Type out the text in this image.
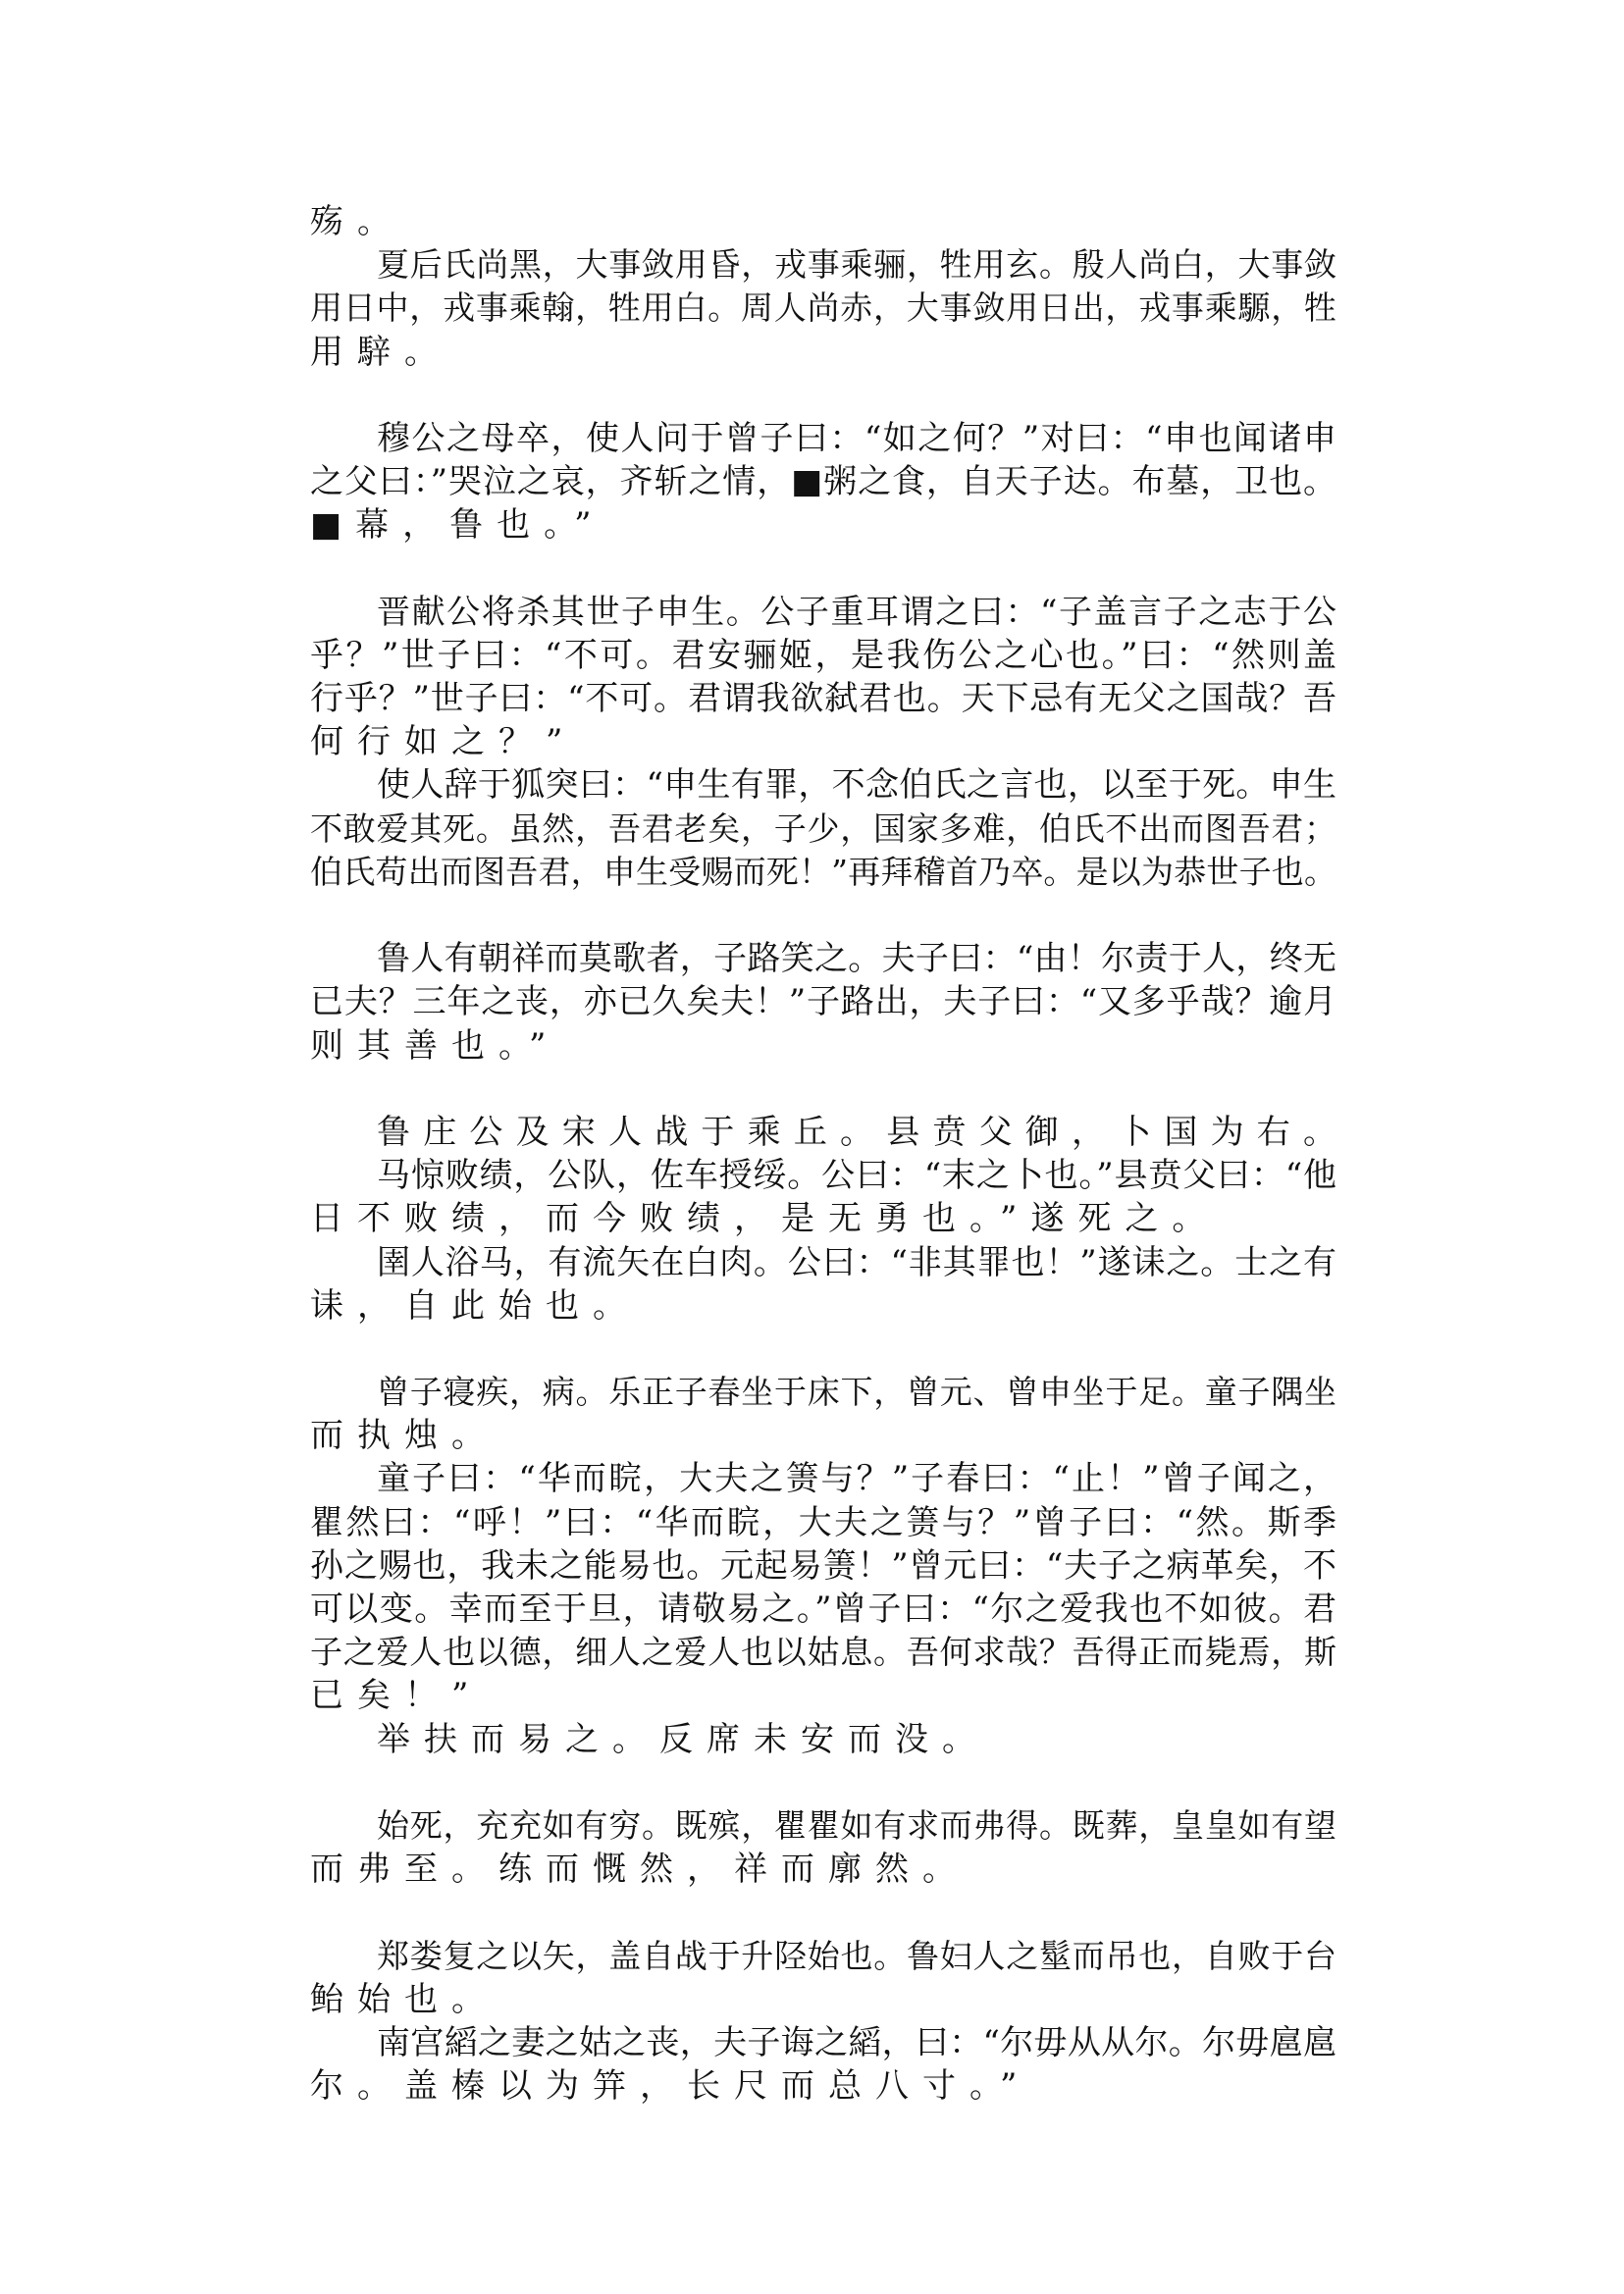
殇。
夏后氏尚黑，大事敛用昏，戎事乘骊，牲用玄。殷人尚白，大事敛
用日中，戎事乘翰，牲用白。周人尚赤，大事敛用日出，戎事乘騵，牲
用騂。
穆公之母卒，使人问于曾子曰：“如之何？”对曰：“申也闻诸申
之父曰：”哭泣之哀，齐斩之情，■粥之食，自天子达。布墓，卫也。
■幕，鲁也。”
晋献公将杀其世子申生。公子重耳谓之曰：“子盖言子之志于公
乎？”世子曰：“不可。君安骊姬，是我伤公之心也。”曰：“然则盖
行乎？”世子曰：“不可。君谓我欲弑君也。天下忌有无父之国哉？吾
何行如之？”
使人辞于狐突曰：“申生有罪，不念伯氏之言也，以至于死。申生
不敢爱其死。虽然，吾君老矣，子少，国家多难，伯氏不出而图吾君；
伯氏苟出而图吾君，申生受赐而死！”再拜稽首乃卒。是以为恭世子也。
鲁人有朝祥而莫歌者，子路笑之。夫子曰：“由！尔责于人，终无
已夫？三年之丧，亦已久矣夫！”子路出，夫子曰：“又多乎哉？逾月
则其善也。”
鲁庄公及宋人战于乘丘。县贲父御，卜国为右。
马惊败绩，公队，佐车授绥。公曰：“末之卜也。”县贲父曰：“他
日不败绩，而今败绩，是无勇也。”遂死之。
圉人浴马，有流矢在白肉。公曰：“非其罪也！”遂诔之。士之有
诔，自此始也。
曾子寝疾，病。乐正子春坐于床下，曾元、曾申坐于足。童子隅坐
而执烛。
童子曰：“华而睆，大夫之箦与？”子春曰：“止！”曾子闻之，
瞿然曰：“呼！”曰：“华而睆，大夫之箦与？”曾子曰：“然。斯季
孙之赐也，我未之能易也。元起易箦！”曾元曰：“夫子之病革矣，不
可以变。幸而至于旦，请敬易之。”曾子曰：“尔之爱我也不如彼。君
子之爱人也以德，细人之爱人也以姑息。吾何求哉？吾得正而毙焉，斯
已矣！”
举扶而易之。反席未安而没。
始死，充充如有穷。既殡，瞿瞿如有求而弗得。既葬，皇皇如有望
而弗至。练而慨然，祥而廓然。
郑娄复之以矢，盖自战于升陉始也。鲁妇人之髽而吊也，自败于台
鲐始也。
南宫縚之妻之姑之丧，夫子诲之縚，曰：“尔毋从从尔。尔毋扈扈
尔。盖榛以为笄，长尺而总八寸。”
